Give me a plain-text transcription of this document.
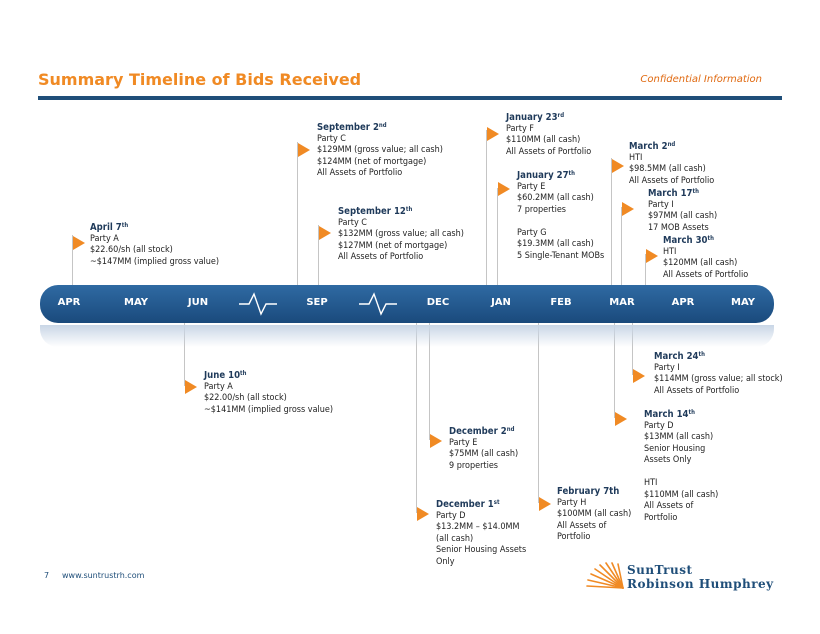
Summary Timeline of Bids Received	Confidential Information
APR	MAY	JUN	SEP	DEC	JAN	FEB	MAR	APR	MAY
April 7th
Party A
$22.60/sh (all stock)
~$147MM (implied gross value)
June 10th
Party A
$22.00/sh (all stock)
~$141MM (implied gross value)
September 2nd
Party C
$129MM (gross value; all cash)
$124MM (net of mortgage)
All Assets of Portfolio
September 12th
Party C
$132MM (gross value; all cash)
$127MM (net of mortgage)
All Assets of Portfolio
December 1st
Party D
$13.2MM – $14.0MM
(all cash)
Senior Housing Assets
Only
December 2nd
Party E
$75MM (all cash)
9 properties
January 23rd
Party F
$110MM (all cash)
All Assets of Portfolio
January 27th
Party E
$60.2MM (all cash)
7 properties

Party G
$19.3MM (all cash)
5 Single-Tenant MOBs
February 7th
Party H
$100MM (all cash)
All Assets of
Portfolio
March 2nd
HTI
$98.5MM (all cash)
All Assets of Portfolio
March 17th
Party I
$97MM (all cash)
17 MOB Assets
March 30th
HTI
$120MM (all cash)
All Assets of Portfolio
March 24th
Party I
$114MM (gross value; all stock)
All Assets of Portfolio
March 14th
Party D
$13MM (all cash)
Senior Housing
Assets Only

HTI
$110MM (all cash)
All Assets of
Portfolio
7 www.suntrustrh.com	SunTrust
Robinson Humphrey
